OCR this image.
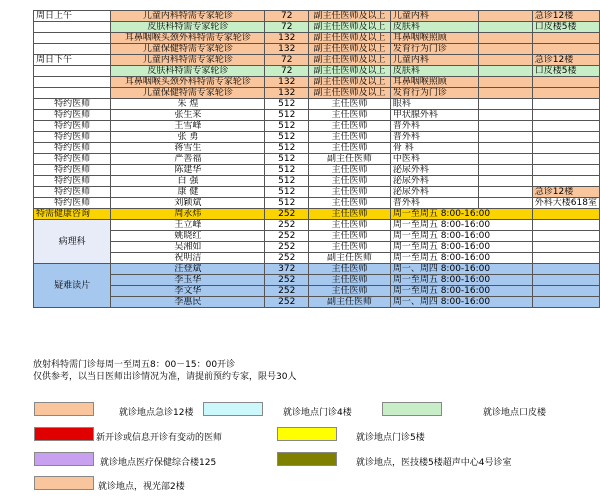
周日上午	儿童内科特需专家轮诊	72	副主任医师及以上	儿童内科		急诊12楼
	皮肤科特需专家轮诊	72	副主任医师及以上	皮肤科		口皮楼5楼
	耳鼻咽喉头颈外科特需专家轮诊	132	副主任医师及以上	耳鼻咽喉照顾		
	儿童保健特需专家轮诊	132	副主任医师及以上	发育行为门诊		
周日下午	儿童内科特需专家轮诊	72	副主任医师及以上	儿童内科		急诊12楼
	皮肤科特需专家轮诊	72	副主任医师及以上	皮肤科		口皮楼5楼
	耳鼻咽喉头颈外科特需专家轮诊	132	副主任医师及以上	耳鼻咽喉照顾		
	儿童保健特需专家轮诊	132	副主任医师及以上	发育行为门诊		
特约医师	朱 煌	512	主任医师	眼科		
特约医师	张生来	512	主任医师	甲状腺外科		
特约医师	王雪峰	512	主任医师	普外科		
特约医师	张 勇	512	主任医师	普外科		
特约医师	蒋雪生	512	主任医师	骨 科		
特约医师	严善福	512	副主任医师	中医科		
特约医师	陈建华	512	主任医师	泌尿外科		
特约医师	白 强	512	主任医师	泌尿外科		
特约医师	康 健	512	主任医师	泌尿外科		急诊12楼
特约医师	刘颖斌	512	主任医师	普外科		外科大楼618室
特需健康咨询	周永炜	252	主任医师	周一至周五 8:00-16:00		
病理科	王立峰	252	主任医师	周一至周五 8:00-16:00		
	姚晓红	252	主任医师	周一至周五 8:00-16:00		
	吴湘如	252	主任医师	周一至周五 8:00-16:00		
	祝明洁	252	副主任医师	周一至周五 8:00-16:00		
疑难读片	汪登斌	372	主任医师	周一、周四 8:00-16:00		
	李玉华	252	主任医师	周一至周五 8:00-16:00		
	李文华	252	主任医师	周一至周五 8:00-16:00		
	李惠民	252	副主任医师	周一、周四 8:00-16:00		
放射科特需门诊每周一至周五8：00－15：00开诊
仅供参考，以当日医师出诊情况为准，请提前预约专家，限号30人
就诊地点急诊12楼	就诊地点门诊4楼	就诊地点口皮楼
新开诊或信息开诊有变动的医师	就诊地点门诊5楼
就诊地点医疗保健综合楼125	就诊地点，医技楼5楼超声中心4号诊室
就诊地点，视光部2楼
